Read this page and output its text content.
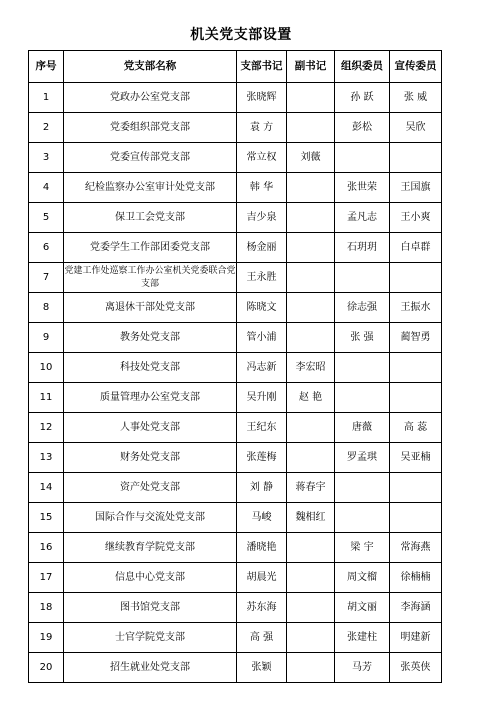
机关党支部设置
序号	党支部名称	支部书记	副书记	组织委员	宣传委员
1	党政办公室党支部	张晓辉		孙 跃	张 威
2	党委组织部党支部	袁 方		彭松	吴欣
3	党委宣传部党支部	常立权	刘薇		
4	纪检监察办公室审计处党支部	韩 华		张世荣	王国旗
5	保卫工会党支部	吉少泉		孟凡志	王小爽
6	党委学生工作部团委党支部	杨金丽		石玥玥	白卓群
7	党建工作处巡察工作办公室机关党委联合党支部	王永胜			
8	离退休干部处党支部	陈晓文		徐志强	王振水
9	教务处党支部	管小浦		张 强	蔺智勇
10	科技处党支部	冯志新	李宏昭		
11	质量管理办公室党支部	吴升刚	赵 艳		
12	人事处党支部	王纪东		唐薇	高 蕊
13	财务处党支部	张莲梅		罗孟琪	吴亚楠
14	资产处党支部	刘 静	蒋春宇		
15	国际合作与交流处党支部	马峻	魏相红		
16	继续教育学院党支部	潘晓艳		梁 宇	常海燕
17	信息中心党支部	胡晨光		周文榴	徐楠楠
18	图书馆党支部	苏东海		胡文丽	李海涵
19	士官学院党支部	高 强		张建柱	明建新
20	招生就业处党支部	张颖		马芳	张英侠
